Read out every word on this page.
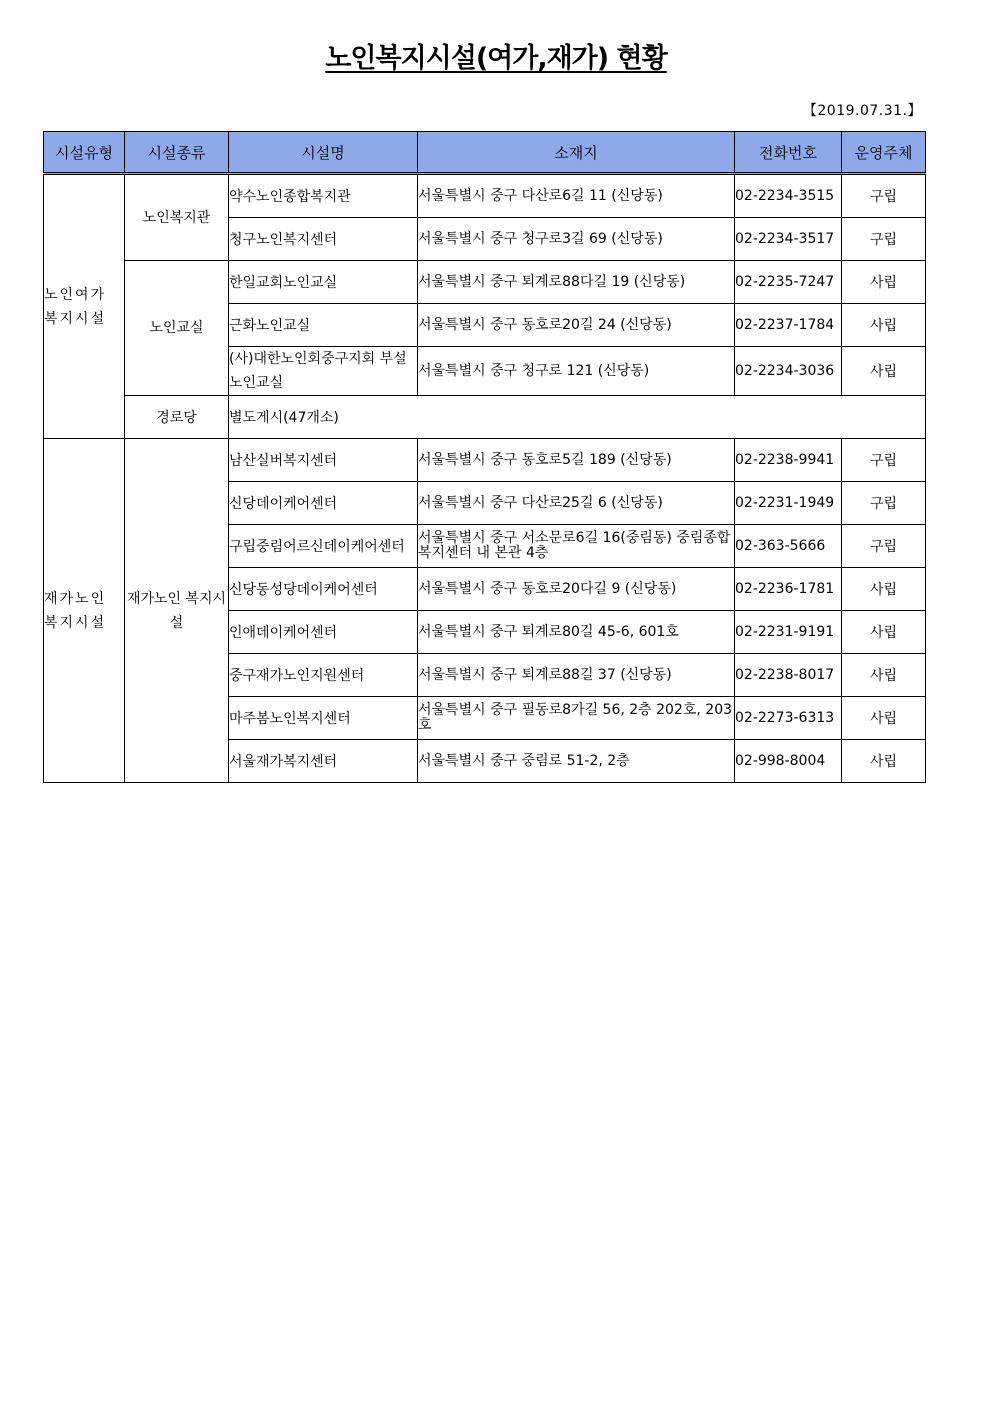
노인복지시설(여가,재가) 현황
【2019.07.31.】
시설유형	시설종류	시설명	소재지	전화번호	운영주체
노인여가 복지시설	노인복지관	약수노인종합복지관	서울특별시 중구 다산로6길 11 (신당동)	02-2234-3515	구립
		청구노인복지센터	서울특별시 중구 청구로3길 69 (신당동)	02-2234-3517	구립
	노인교실	한일교회노인교실	서울특별시 중구 퇴계로88다길 19 (신당동)	02-2235-7247	사립
		근화노인교실	서울특별시 중구 동호로20길 24 (신당동)	02-2237-1784	사립
		(사)대한노인회중구지회 부설노인교실	서울특별시 중구 청구로 121 (신당동)	02-2234-3036	사립
	경로당	별도게시(47개소)			
재가노인 복지시설	재가노인 복지시설	남산실버복지센터	서울특별시 중구 동호로5길 189 (신당동)	02-2238-9941	구립
		신당데이케어센터	서울특별시 중구 다산로25길 6 (신당동)	02-2231-1949	구립
		구립중림어르신데이케어센터	서울특별시 중구 서소문로6길 16(중림동) 중림종합복지센터 내 본관 4층	02-363-5666	구립
		신당동성당데이케어센터	서울특별시 중구 동호로20다길 9 (신당동)	02-2236-1781	사립
		인애데이케어센터	서울특별시 중구 퇴계로80길 45-6, 601호	02-2231-9191	사립
		중구재가노인지원센터	서울특별시 중구 퇴계로88길 37 (신당동)	02-2238-8017	사립
		마주봄노인복지센터	서울특별시 중구 필동로8가길 56, 2층 202호, 203호	02-2273-6313	사립
		서울재가복지센터	서울특별시 중구 중림로 51-2, 2층	02-998-8004	사립
